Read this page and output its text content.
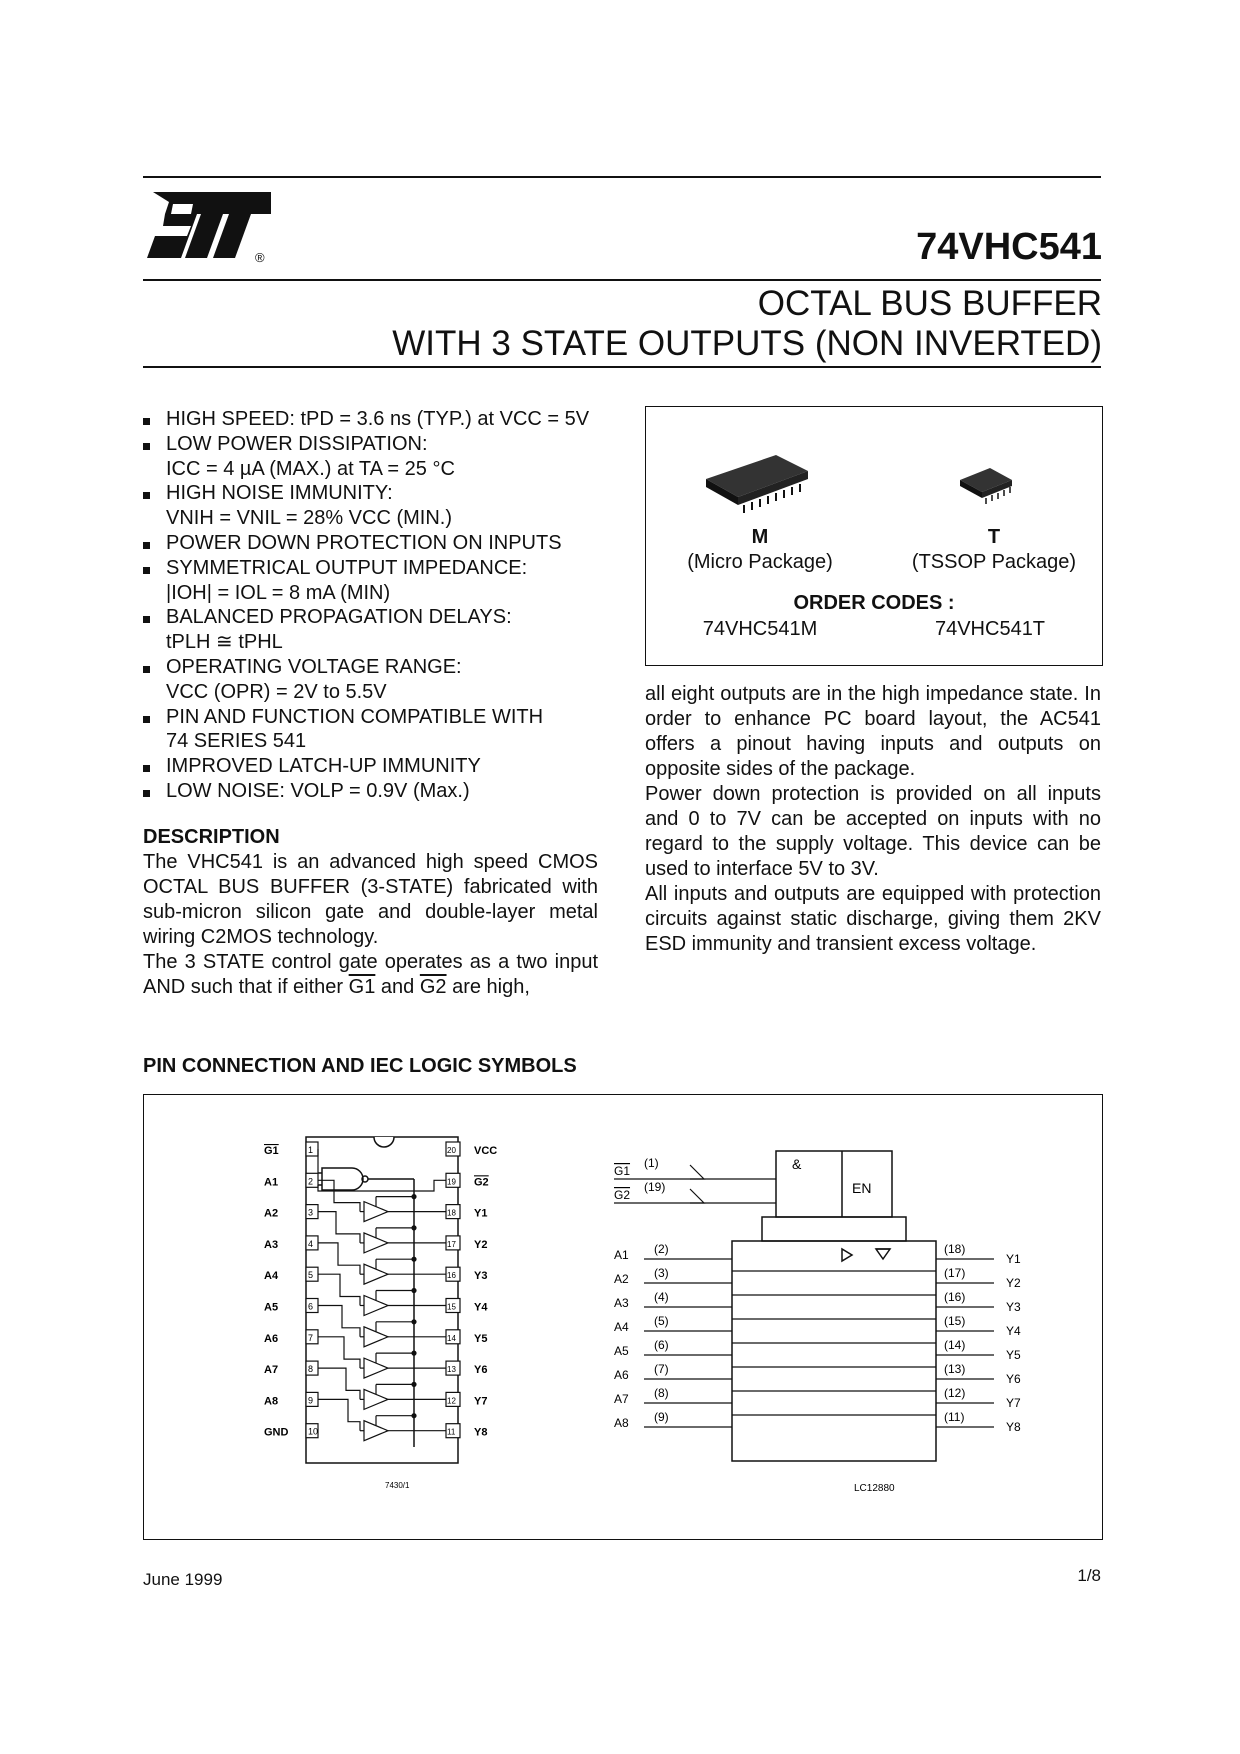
®	74VHC541
OCTAL BUS BUFFER
WITH 3 STATE OUTPUTS (NON INVERTED)
HIGH SPEED: tPD = 3.6 ns (TYP.) at VCC = 5V
LOW POWER DISSIPATION:
ICC = 4 µA (MAX.) at TA = 25 °C
HIGH NOISE IMMUNITY:
VNIH = VNIL = 28% VCC (MIN.)
POWER DOWN PROTECTION ON INPUTS
SYMMETRICAL OUTPUT IMPEDANCE:
|IOH| = IOL = 8 mA (MIN)
BALANCED PROPAGATION DELAYS:
tPLH ≅ tPHL
OPERATING VOLTAGE RANGE:
VCC (OPR) = 2V to 5.5V
PIN AND FUNCTION COMPATIBLE WITH
74 SERIES 541
IMPROVED LATCH-UP IMMUNITY
LOW NOISE: VOLP = 0.9V (Max.)
M
(Micro Package)
T
(TSSOP Package)
ORDER CODES :
74VHC541M	74VHC541T
DESCRIPTION
The VHC541 is an advanced high speed CMOS OCTAL BUS BUFFER (3-STATE) fabricated with sub-micron silicon gate and double-layer metal wiring C2MOS technology.
The 3 STATE control gate operates as a two input AND such that if either G1 and G2 are high,
all eight outputs are in the high impedance state. In order to enhance PC board layout, the AC541 offers a pinout having inputs and outputs on opposite sides of the package.
Power down protection is provided on all inputs and 0 to 7V can be accepted on inputs with no regard to the supply voltage. This device can be used to interface 5V to 3V.
All inputs and outputs are equipped with protection circuits against static discharge, giving them 2KV ESD immunity and transient excess voltage.
PIN CONNECTION AND IEC LOGIC SYMBOLS
G1	1
A1	2
A2	3
A3	4
A4	5
A5	6
A6	7
A7	8
A8	9
GND 10
20 VCC
19 G2
18 Y1
17 Y2
16 Y3
15 Y4
14 Y5
13 Y6
12 Y7
11 Y8
7430/1
&
EN
G1
(1)
G2
(19)
A1 (2)	(18)
Y1
A2 (3)	(17)
Y2
A3 (4)	(16)
Y3
A4 (5)	(15)
Y4
A5 (6)	(14)
Y5
A6 (7)	(13)
Y6
A7 (8)	(12)
Y7
A8 (9)	(11)
Y8
LC12880
June 1999	1/8
